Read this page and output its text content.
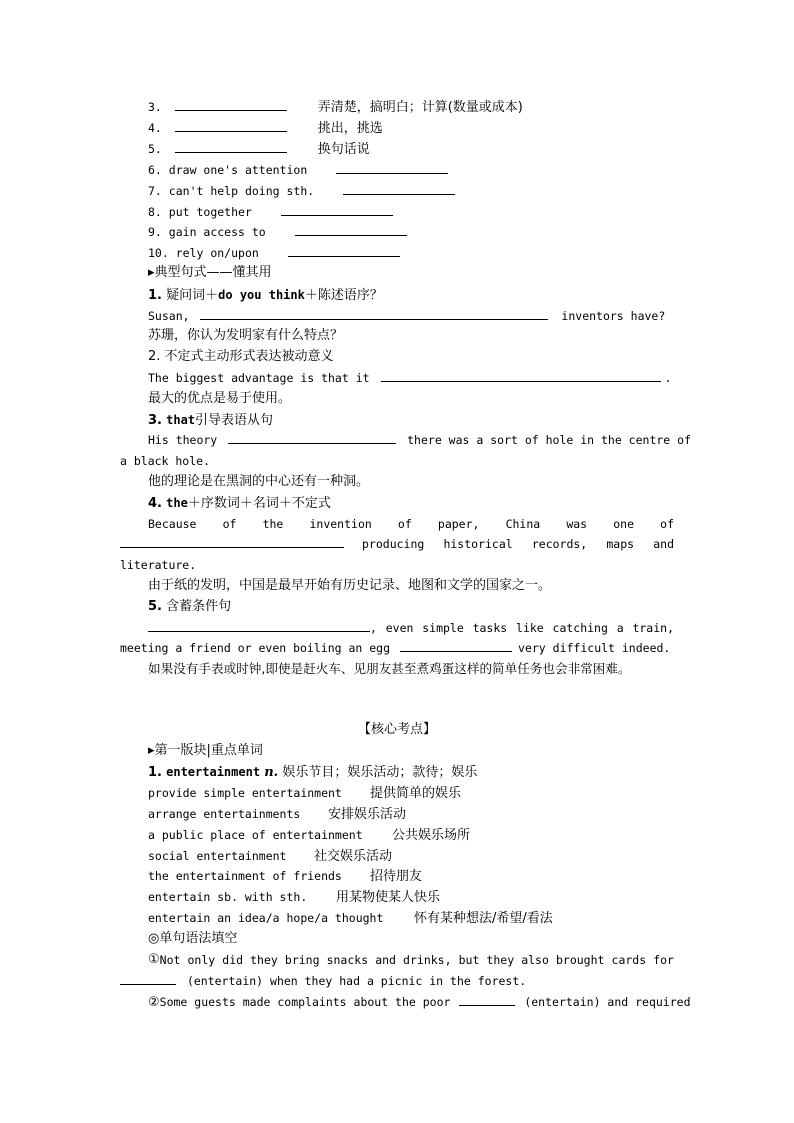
3.	弄清楚，搞明白；计算(数量或成本)
4.	挑出，挑选
5.	换句话说
6. draw one's attention
7. can't help doing sth.
8. put together
9. gain access to
10. rely on/upon
▸典型句式——懂其用
1. 疑问词＋do you think＋陈述语序？
Susan,	inventors have?
苏珊，你认为发明家有什么特点？
2. 不定式主动形式表达被动意义
The biggest advantage is that it	.
最大的优点是易于使用。
3. that引导表语从句
His theory	there was a sort of hole in the centre of
a black hole.
他的理论是在黑洞的中心还有一种洞。
4. the＋序数词＋名词＋不定式
Because of the invention of paper, China was one of
producing historical records, maps and
literature.
由于纸的发明，中国是最早开始有历史记录、地图和文学的国家之一。
5. 含蓄条件句
, even simple tasks like catching a train,
meeting a friend or even boiling an egg	very difficult indeed.
如果没有手表或时钟,即使是赶火车、见朋友甚至煮鸡蛋这样的简单任务也会非常困难。
【核心考点】
▸第一版块|重点单词
1. entertainment n. 娱乐节目；娱乐活动；款待；娱乐
provide simple entertainment 提供简单的娱乐
arrange entertainments 安排娱乐活动
a public place of entertainment 公共娱乐场所
social entertainment 社交娱乐活动
the entertainment of friends 招待朋友
entertain sb. with sth. 用某物使某人快乐
entertain an idea/a hope/a thought 怀有某种想法/希望/看法
◎单句语法填空
① Not only did they bring snacks and drinks, but they also brought cards for
(entertain) when they had a picnic in the forest.
②Some guests made complaints about the poor	(entertain) and required
